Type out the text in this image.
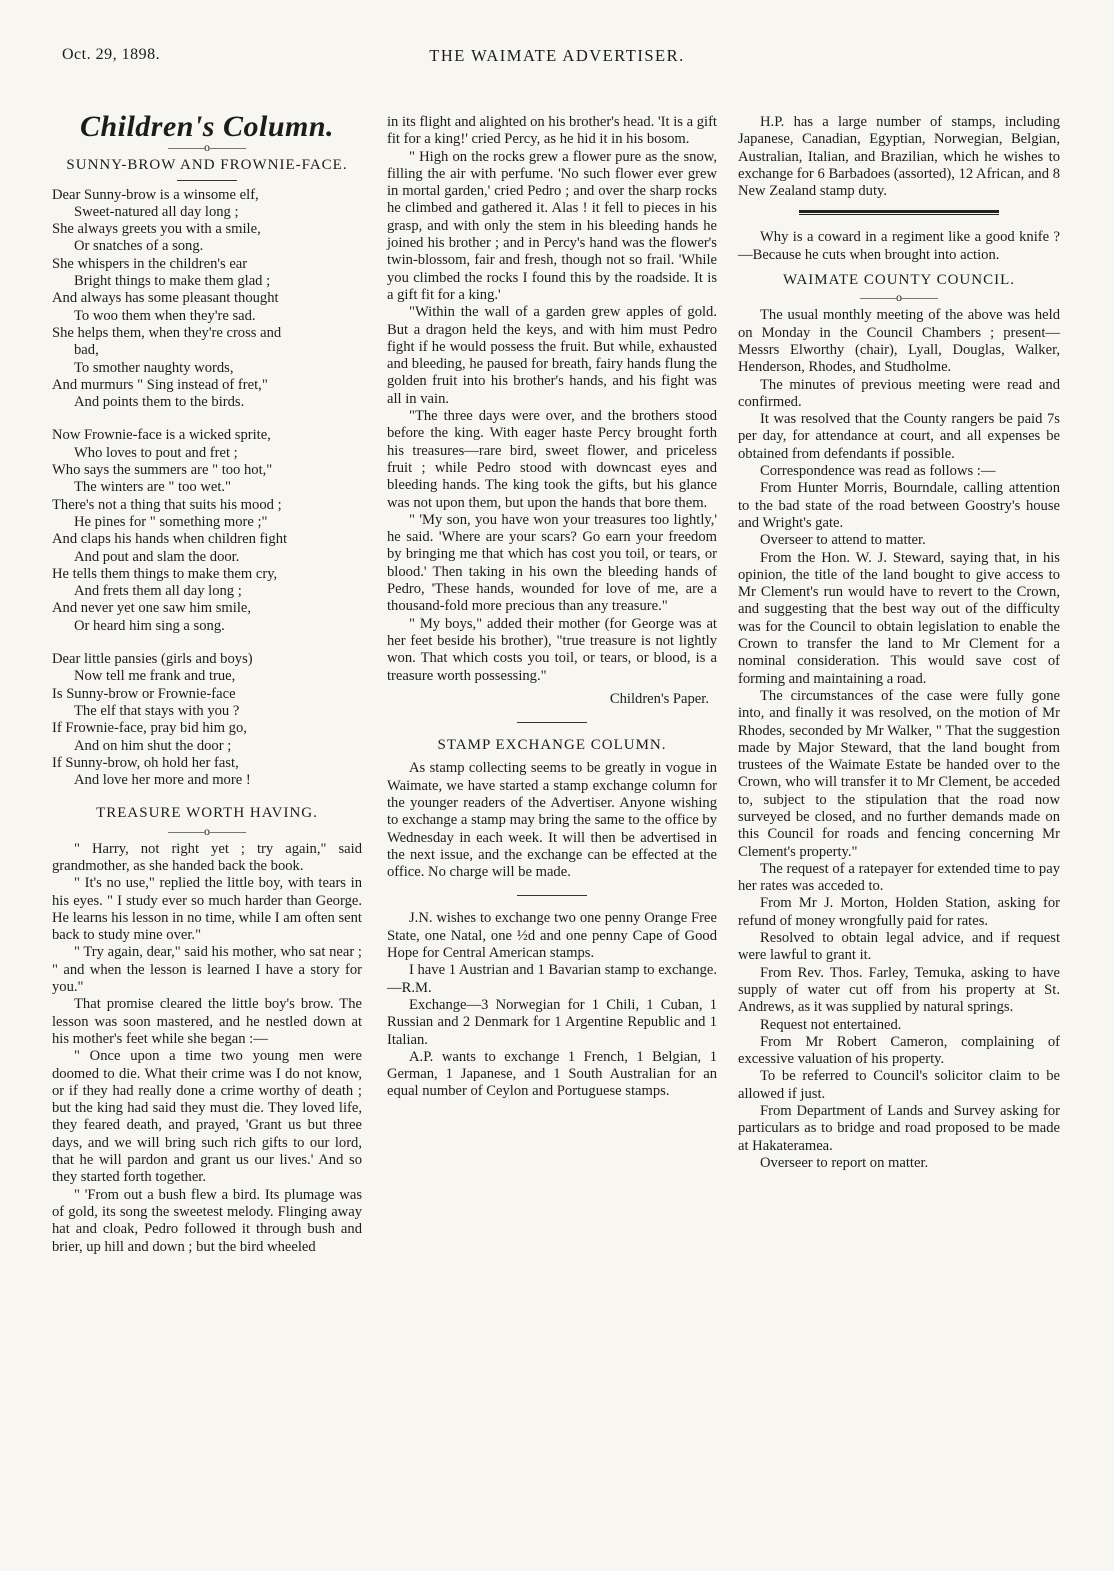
Oct. 29, 1898.	THE WAIMATE ADVERTISER.
Children's Column.
———o———
SUNNY-BROW AND FROWNIE-FACE.

Dear Sunny-brow is a winsome elf,

Sweet-natured all day long ;

She always greets you with a smile,

Or snatches of a song.

She whispers in the children's ear

Bright things to make them glad ;

And always has some pleasant thought

To woo them when they're sad.

She helps them, when they're cross and

bad,

To smother naughty words,

And murmurs " Sing instead of fret,"

And points them to the birds.

Now Frownie-face is a wicked sprite,

Who loves to pout and fret ;

Who says the summers are " too hot,"

The winters are " too wet."

There's not a thing that suits his mood ;

He pines for " something more ;"

And claps his hands when children fight

And pout and slam the door.

He tells them things to make them cry,

And frets them all day long ;

And never yet one saw him smile,

Or heard him sing a song.

Dear little pansies (girls and boys)

Now tell me frank and true,

Is Sunny-brow or Frownie-face

The elf that stays with you ?

If Frownie-face, pray bid him go,

And on him shut the door ;

If Sunny-brow, oh hold her fast,

And love her more and more !

TREASURE WORTH HAVING.
———o———

" Harry, not right yet ; try again," said grandmother, as she handed back the book.

" It's no use," replied the little boy, with tears in his eyes. " I study ever so much harder than George. He learns his lesson in no time, while I am often sent back to study mine over."

" Try again, dear," said his mother, who sat near ; " and when the lesson is learned I have a story for you."

That promise cleared the little boy's brow. The lesson was soon mastered, and he nestled down at his mother's feet while she began :—

" Once upon a time two young men were doomed to die. What their crime was I do not know, or if they had really done a crime worthy of death ; but the king had said they must die. They loved life, they feared death, and prayed, 'Grant us but three days, and we will bring such rich gifts to our lord, that he will pardon and grant us our lives.' And so they started forth together.

" 'From out a bush flew a bird. Its plumage was of gold, its song the sweetest melody. Flinging away hat and cloak, Pedro followed it through bush and brier, up hill and down ; but the bird wheeled

in its flight and alighted on his brother's head. 'It is a gift fit for a king!' cried Percy, as he hid it in his bosom.

" High on the rocks grew a flower pure as the snow, filling the air with perfume. 'No such flower ever grew in mortal garden,' cried Pedro ; and over the sharp rocks he climbed and gathered it. Alas ! it fell to pieces in his grasp, and with only the stem in his bleeding hands he joined his brother ; and in Percy's hand was the flower's twin-blossom, fair and fresh, though not so frail. 'While you climbed the rocks I found this by the roadside. It is a gift fit for a king.'

"Within the wall of a garden grew apples of gold. But a dragon held the keys, and with him must Pedro fight if he would possess the fruit. But while, exhausted and bleeding, he paused for breath, fairy hands flung the golden fruit into his brother's hands, and his fight was all in vain.

"The three days were over, and the brothers stood before the king. With eager haste Percy brought forth his treasures—rare bird, sweet flower, and priceless fruit ; while Pedro stood with downcast eyes and bleeding hands. The king took the gifts, but his glance was not upon them, but upon the hands that bore them.

" 'My son, you have won your treasures too lightly,' he said. 'Where are your scars? Go earn your freedom by bringing me that which has cost you toil, or tears, or blood.' Then taking in his own the bleeding hands of Pedro, 'These hands, wounded for love of me, are a thousand-fold more precious than any treasure."

" My boys," added their mother (for George was at her feet beside his brother), "true treasure is not lightly won. That which costs you toil, or tears, or blood, is a treasure worth possessing."

Children's Paper.
STAMP EXCHANGE COLUMN.

As stamp collecting seems to be greatly in vogue in Waimate, we have started a stamp exchange column for the younger readers of the Advertiser. Anyone wishing to exchange a stamp may bring the same to the office by Wednesday in each week. It will then be advertised in the next issue, and the exchange can be effected at the office. No charge will be made.

J.N. wishes to exchange two one penny Orange Free State, one Natal, one ½d and one penny Cape of Good Hope for Central American stamps.

I have 1 Austrian and 1 Bavarian stamp to exchange.—R.M.

Exchange—3 Norwegian for 1 Chili, 1 Cuban, 1 Russian and 2 Denmark for 1 Argentine Republic and 1 Italian.

A.P. wants to exchange 1 French, 1 Belgian, 1 German, 1 Japanese, and 1 South Australian for an equal number of Ceylon and Portuguese stamps.

H.P. has a large number of stamps, including Japanese, Canadian, Egyptian, Norwegian, Belgian, Australian, Italian, and Brazilian, which he wishes to exchange for 6 Barbadoes (assorted), 12 African, and 8 New Zealand stamp duty.

Why is a coward in a regiment like a good knife ?—Because he cuts when brought into action.

WAIMATE COUNTY COUNCIL.
———o———

The usual monthly meeting of the above was held on Monday in the Council Chambers ; present—Messrs Elworthy (chair), Lyall, Douglas, Walker, Henderson, Rhodes, and Studholme.

The minutes of previous meeting were read and confirmed.

It was resolved that the County rangers be paid 7s per day, for attendance at court, and all expenses be obtained from defendants if possible.

Correspondence was read as follows :—

From Hunter Morris, Bourndale, calling attention to the bad state of the road between Goostry's house and Wright's gate.

Overseer to attend to matter.

From the Hon. W. J. Steward, saying that, in his opinion, the title of the land bought to give access to Mr Clement's run would have to revert to the Crown, and suggesting that the best way out of the difficulty was for the Council to obtain legislation to enable the Crown to transfer the land to Mr Clement for a nominal consideration. This would save cost of forming and maintaining a road.

The circumstances of the case were fully gone into, and finally it was resolved, on the motion of Mr Rhodes, seconded by Mr Walker, " That the suggestion made by Major Steward, that the land bought from trustees of the Waimate Estate be handed over to the Crown, who will transfer it to Mr Clement, be acceded to, subject to the stipulation that the road now surveyed be closed, and no further demands made on this Council for roads and fencing concerning Mr Clement's property."

The request of a ratepayer for extended time to pay her rates was acceded to.

From Mr J. Morton, Holden Station, asking for refund of money wrongfully paid for rates.

Resolved to obtain legal advice, and if request were lawful to grant it.

From Rev. Thos. Farley, Temuka, asking to have supply of water cut off from his property at St. Andrews, as it was supplied by natural springs.

Request not entertained.

From Mr Robert Cameron, complaining of excessive valuation of his property.

To be referred to Council's solicitor claim to be allowed if just.

From Department of Lands and Survey asking for particulars as to bridge and road proposed to be made at Hakateramea.

Overseer to report on matter.
